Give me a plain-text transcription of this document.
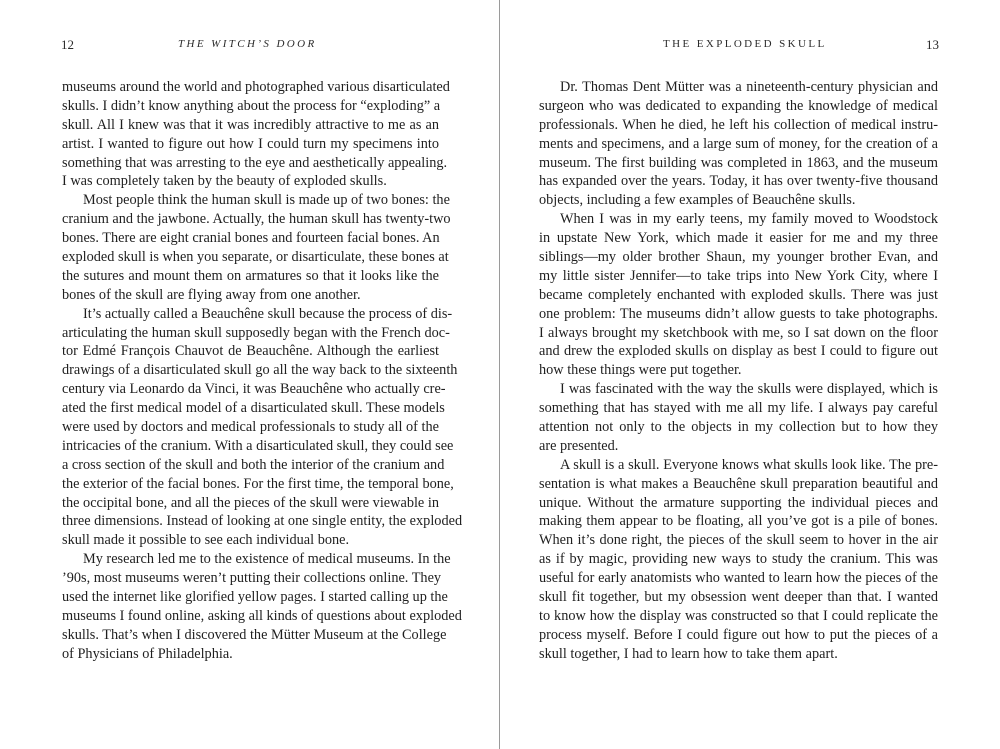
12	THE WITCH’S DOOR
museums around the world and photographed various disarticulated
skulls. I didn’t know anything about the process for “exploding” a
skull. All I knew was that it was incredibly attractive to me as an
artist. I wanted to figure out how I could turn my specimens into
something that was arresting to the eye and aesthetically appealing.
I was completely taken by the beauty of exploded skulls.
Most people think the human skull is made up of two bones: the
cranium and the jawbone. Actually, the human skull has twenty-two
bones. There are eight cranial bones and fourteen facial bones. An
exploded skull is when you separate, or disarticulate, these bones at
the sutures and mount them on armatures so that it looks like the
bones of the skull are flying away from one another.
It’s actually called a Beauchêne skull because the process of dis-
articulating the human skull supposedly began with the French doc-
tor Edmé François Chauvot de Beauchêne. Although the earliest
drawings of a disarticulated skull go all the way back to the sixteenth
century via Leonardo da Vinci, it was Beauchêne who actually cre-
ated the first medical model of a disarticulated skull. These models
were used by doctors and medical professionals to study all of the
intricacies of the cranium. With a disarticulated skull, they could see
a cross section of the skull and both the interior of the cranium and
the exterior of the facial bones. For the first time, the temporal bone,
the occipital bone, and all the pieces of the skull were viewable in
three dimensions. Instead of looking at one single entity, the exploded
skull made it possible to see each individual bone.
My research led me to the existence of medical museums. In the
’90s, most museums weren’t putting their collections online. They
used the internet like glorified yellow pages. I started calling up the
museums I found online, asking all kinds of questions about exploded
skulls. That’s when I discovered the Mütter Museum at the College
of Physicians of Philadelphia.
THE EXPLODED SKULL	13
Dr. Thomas Dent Mütter was a nineteenth-century physician and
surgeon who was dedicated to expanding the knowledge of medical
professionals. When he died, he left his collection of medical instru-
ments and specimens, and a large sum of money, for the creation of a
museum. The first building was completed in 1863, and the museum
has expanded over the years. Today, it has over twenty-five thousand
objects, including a few examples of Beauchêne skulls.
When I was in my early teens, my family moved to Woodstock
in upstate New York, which made it easier for me and my three
siblings—my older brother Shaun, my younger brother Evan, and
my little sister Jennifer—to take trips into New York City, where I
became completely enchanted with exploded skulls. There was just
one problem: The museums didn’t allow guests to take photographs.
I always brought my sketchbook with me, so I sat down on the floor
and drew the exploded skulls on display as best I could to figure out
how these things were put together.
I was fascinated with the way the skulls were displayed, which is
something that has stayed with me all my life. I always pay careful
attention not only to the objects in my collection but to how they
are presented.
A skull is a skull. Everyone knows what skulls look like. The pre-
sentation is what makes a Beauchêne skull preparation beautiful and
unique. Without the armature supporting the individual pieces and
making them appear to be floating, all you’ve got is a pile of bones.
When it’s done right, the pieces of the skull seem to hover in the air
as if by magic, providing new ways to study the cranium. This was
useful for early anatomists who wanted to learn how the pieces of the
skull fit together, but my obsession went deeper than that. I wanted
to know how the display was constructed so that I could replicate the
process myself. Before I could figure out how to put the pieces of a
skull together, I had to learn how to take them apart.
